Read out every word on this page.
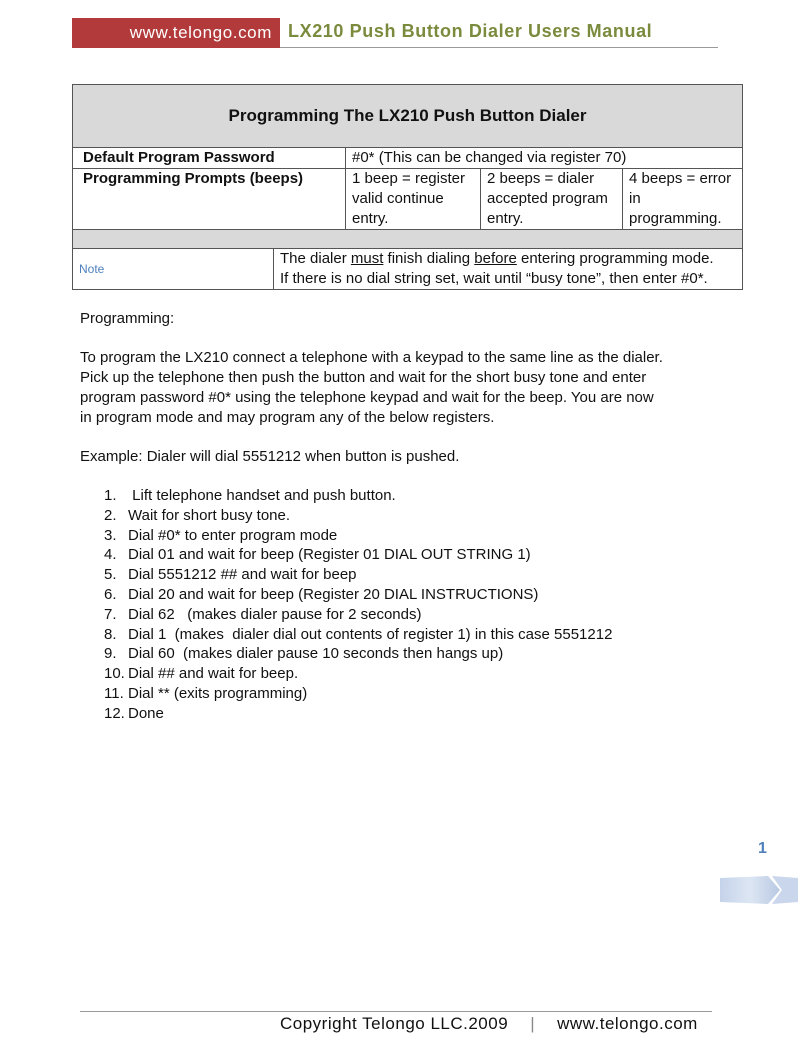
www.telongo.com LX210 Push Button Dialer Users Manual
Programming The LX210 Push Button Dialer				
Default Program Password		#0* (This can be changed via register 70)		
Programming Prompts (beeps)		1 beep = register valid continue entry.	2 beeps = dialer accepted program entry.	4 beeps = error in programming.

Note	The dialer must finish dialing before entering programming mode.
If there is no dial string set, wait until “busy tone”, then enter #0*.			

Programming:

To program the LX210 connect a telephone with a keypad to the same line as the dialer. Pick up the telephone then push the button and wait for the short busy tone and enter program password #0* using the telephone keypad and wait for the beep. You are now in program mode and may program any of the below registers.

Example: Dialer will dial 5551212 when button is pushed.

1. Lift telephone handset and push button.
2. Wait for short busy tone.
3. Dial #0* to enter program mode
4. Dial 01 and wait for beep (Register 01 DIAL OUT STRING 1)
5. Dial 5551212 ## and wait for beep
6. Dial 20 and wait for beep (Register 20 DIAL INSTRUCTIONS)
7. Dial 62   (makes dialer pause for 2 seconds)
8. Dial 1  (makes  dialer dial out contents of register 1) in this case 5551212
9. Dial 60  (makes dialer pause 10 seconds then hangs up)
10. Dial ## and wait for beep.
11. Dial ** (exits programming)
12. Done
1
Copyright Telongo LLC.2009 | www.telongo.com
